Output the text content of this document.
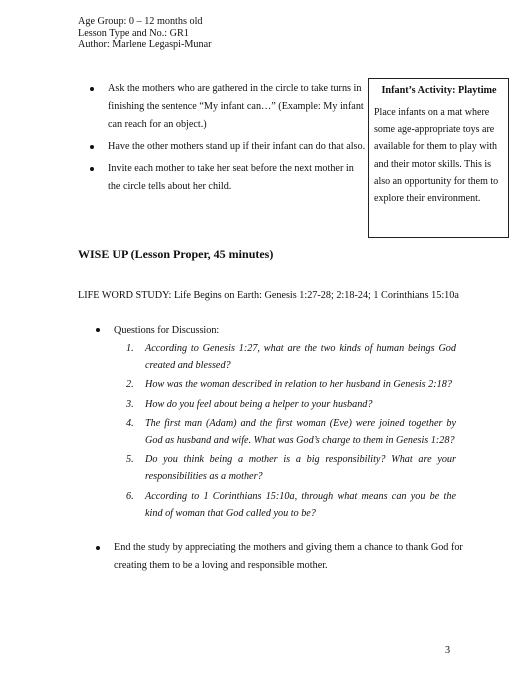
Age Group: 0 – 12 months old
Lesson Type and No.: GR1
Author: Marlene Legaspi-Munar
Ask the mothers who are gathered in the circle to take turns in finishing the sentence “My infant can…” (Example: My infant can reach for an object.)
Have the other mothers stand up if their infant can do that also.
Invite each mother to take her seat before the next mother in the circle tells about her child.
Infant’s Activity: Playtime
Place infants on a mat where some age-appropriate toys are available for them to play with and their motor skills. This is also an opportunity for them to explore their environment.
WISE UP (Lesson Proper, 45 minutes)
LIFE WORD STUDY: Life Begins on Earth: Genesis 1:27-28; 2:18-24; 1 Corinthians 15:10a
Questions for Discussion:
1. According to Genesis 1:27, what are the two kinds of human beings God created and blessed?
2. How was the woman described in relation to her husband in Genesis 2:18?
3. How do you feel about being a helper to your husband?
4. The first man (Adam) and the first woman (Eve) were joined together by God as husband and wife. What was God’s charge to them in Genesis 1:28?
5. Do you think being a mother is a big responsibility? What are your responsibilities as a mother?
6. According to 1 Corinthians 15:10a, through what means can you be the kind of woman that God called you to be?
End the study by appreciating the mothers and giving them a chance to thank God for creating them to be a loving and responsible mother.
3
